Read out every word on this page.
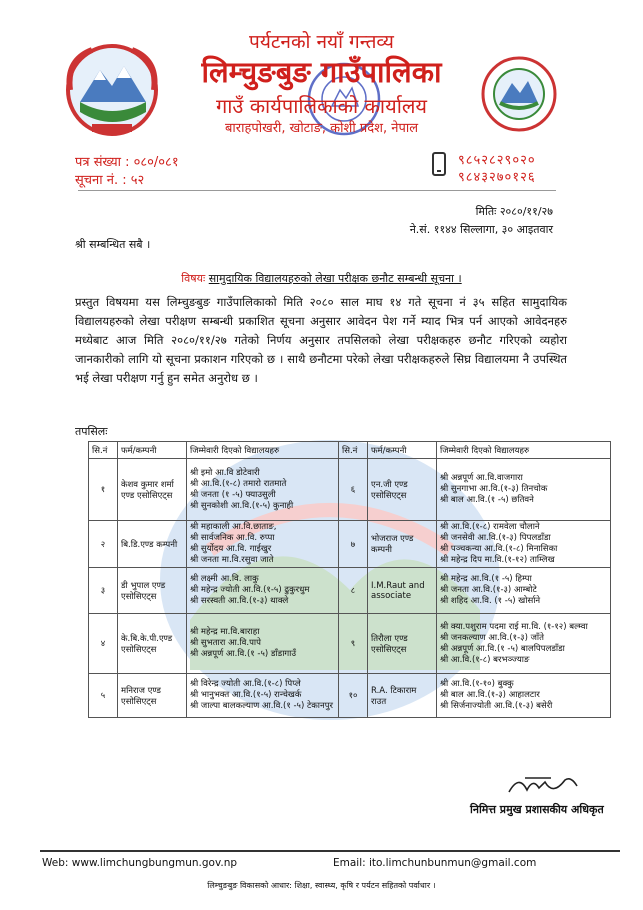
पर्यटनको नयाँ गन्तव्य
लिम्चुङबुङ गाउँपालिका
गाउँ कार्यपालिकाको कार्यालय
बाराहपोखरी, खोटाङ, कोशी प्रदेश, नेपाल
पत्र संख्या : ०८०/०८१
सूचना नं. : ५२
९८५२८२९०२०
९८४३२७०१२६
मितिः २०८०/११/२७
ने.सं. ११४४ सिल्लागा, ३० आइतवार
श्री सम्बन्धित सबै ।
विषयः सामुदायिक विद्यालयहरुको लेखा परीक्षक छनौट सम्बन्धी सूचना ।
प्रस्तुत विषयमा यस लिम्चुङबुङ गाउँपालिकाको मिति २०८० साल माघ १४ गते सूचना नं ३५ सहित सामुदायिक विद्यालयहरुको लेखा परीक्षण सम्बन्धी प्रकाशित सूचना अनुसार आवेदन पेश गर्ने म्याद भित्र पर्न आएको आवेदनहरु मध्येबाट आज मिति २०८०/११/२७ गतेको निर्णय अनुसार तपसिलको लेखा परीक्षकहरु छनौट गरिएको व्यहोरा जानकारीको लागि यो सूचना प्रकाशन गरिएको छ । साथै छनौटमा परेको लेखा परीक्षकहरुले सिघ्र विद्यालयमा नै उपस्थित भई लेखा परीक्षण गर्नु हुन समेत अनुरोध छ ।
तपसिलः
सि.नं	फर्म/कम्पनी	जिम्मेवारी दिएको विद्यालयहरु	सि.नं	फर्म/कम्पनी	जिम्मेवारी दिएको विद्यालयहरु
१	केशव कुमार शर्मा एण्ड एसोसिएट्स	श्री इमो आ.वि डोटेवारी
श्री आ.वि.(१-८) तमारो रातमाते
श्री जनता (१ -५) फ्याउसुली
श्री सुनकोशी आ.वि.(१-५) कुनाही	६	एन.जी एण्ड एसोसिएट्स	श्री अन्नपूर्ण आ.वि.वाजगारा
श्री सुनगाभा आ.वि.(१-३) तिनचोक
श्री बाल आ.वि.(१ -५) छतिवने
२	बि.डि.एण्ड कम्पनी	श्री महाकाली आ.वि.छाताङ,
श्री सार्वजनिक आ.वि. रुप्पा
श्री सुर्योदय आ.वि. गाईखुर
श्री जनता मा.वि.रसुवा जाते	७	भोजराज एण्ड कम्पनी	श्री आ.वि.(१-८) रामवेला चौलाने
श्री जनसेवी आ.वि.(१-३) पिपलडाँडा
श्री पञ्चकन्या आ.वि.(१-८) मिनासिका
श्री महेन्द्र दिप मा.वि.(१-१२) ताम्लिख
३	डी भुपाल एण्ड एसोसिएट्स	श्री लक्ष्मी आ.वि. लाकु
श्री महेन्द्र ज्योती आ.वि.(१-५) ढुकुरधुम
श्री सरस्वती आ.वि.(१-३) थाक्ले	८	I.M.Raut and associate	श्री महेन्द्र आ.वि.(१ -५) हिम्पा
श्री जनता आ.वि.(१-३) आम्बोटे
श्री शहिद आ.वि. (१ -५) खोर्साने
४	के.बि.के.पी.एण्ड एसोसिएट्स	श्री महेन्द्र मा.वि.बाराहा
श्री सुभतारा आ.वि.पापे
श्री अन्नपूर्ण आ.वि.(१ -५) डाँडागाउँ	९	तिरौला एण्ड एसोसिएट्स	श्री क्या.पशुराम पदमा राई मा.वि. (१-१२) बल्म्वा
श्री जनकल्याण आ.वि.(१-३) जाँते
श्री अन्नपूर्ण आ.वि.(१ -५) बालपिपलडाँडा
श्री आ.वि.(१-८) बरभञ्ज्याङ
५	मनिराज एण्ड एसोसिएट्स	श्री विरेन्द्र ज्योती आ.वि.(१-८) पिप्ले
श्री भानुभक्त आ.वि.(१-५) रान्चेखर्क
श्री जाल्पा बालकल्याण आ.वि.(१ -५) टेकानपुर	१०	R.A. टिकाराम राउत	श्री आ.वि.(१-१०) बुक्कु
श्री बाल आ.वि.(१-३) आहालटार
श्री सिर्जनाज्योती आ.वि.(१-३) बसेरी
निमित्त प्रमुख प्रशासकीय अधिकृत
Web: www.limchungbungmun.gov.np	Email: ito.limchunbunmun@gmail.com
लिम्चुङबुङ विकासको आधार: शिक्षा, स्वास्थ्य, कृषि र पर्यटन सहितको पर्वाधार ।
